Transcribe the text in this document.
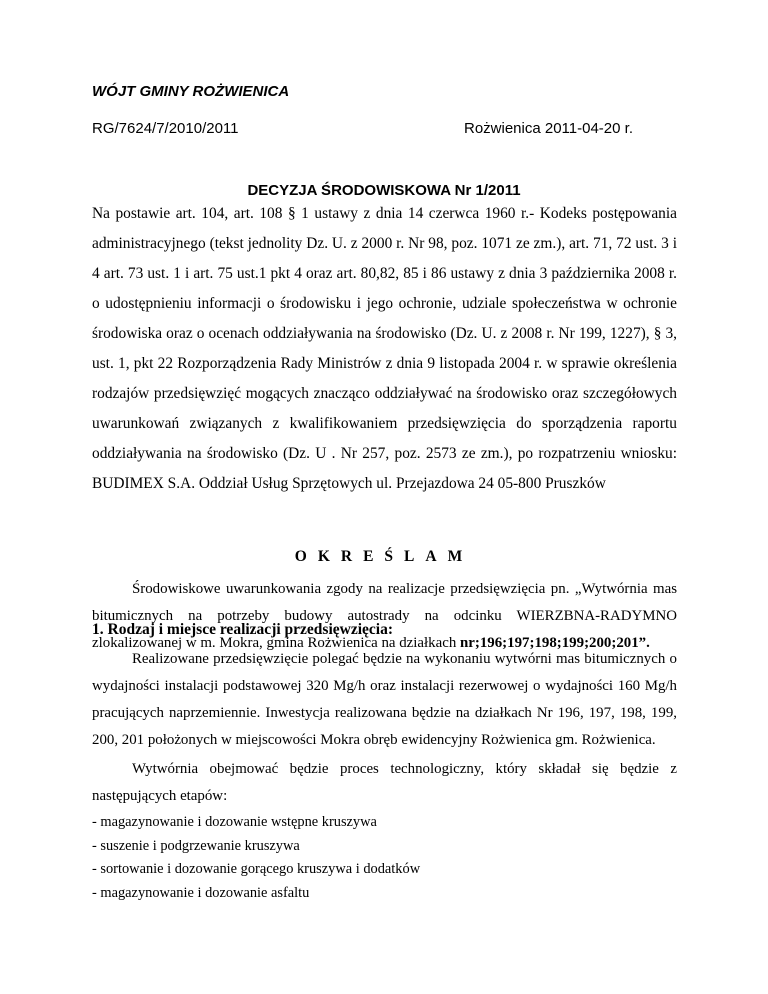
WÓJT GMINY ROŻWIENICA
RG/7624/7/2010/2011	Rożwienica 2011-04-20 r.
DECYZJA ŚRODOWISKOWA Nr 1/2011
Na postawie art. 104, art. 108 § 1 ustawy z dnia 14 czerwca 1960 r.- Kodeks postępowania administracyjnego (tekst jednolity Dz. U. z 2000 r. Nr 98, poz. 1071 ze zm.), art. 71, 72 ust. 3 i 4 art. 73 ust. 1 i art. 75 ust.1 pkt 4 oraz art. 80,82, 85 i 86 ustawy z dnia 3 października 2008 r. o udostępnieniu informacji o środowisku i jego ochronie, udziale społeczeństwa w ochronie środowiska oraz o ocenach oddziaływania na środowisko (Dz. U. z 2008 r. Nr 199, 1227), § 3, ust. 1, pkt 22 Rozporządzenia Rady Ministrów z dnia 9 listopada 2004 r. w sprawie określenia rodzajów przedsięwzięć mogących znacząco oddziaływać na środowisko oraz szczegółowych uwarunkowań związanych z kwalifikowaniem przedsięwzięcia do sporządzenia raportu oddziaływania na środowisko (Dz. U . Nr 257, poz. 2573 ze zm.), po rozpatrzeniu wniosku: BUDIMEX S.A. Oddział Usług Sprzętowych ul. Przejazdowa 24 05-800 Pruszków
OKREŚLAM
Środowiskowe uwarunkowania zgody na realizacje przedsięwzięcia pn. „Wytwórnia mas bitumicznych na potrzeby budowy autostrady na odcinku WIERZBNA-RADYMNO zlokalizowanej w m. Mokra, gmina Rożwienica na działkach nr;196;197;198;199;200;201”.
1. Rodzaj i miejsce realizacji przedsięwzięcia:
Realizowane przedsięwzięcie polegać będzie na wykonaniu wytwórni mas bitumicznych o wydajności instalacji podstawowej 320 Mg/h oraz instalacji rezerwowej o wydajności 160 Mg/h pracujących naprzemiennie. Inwestycja realizowana będzie na działkach Nr 196, 197, 198, 199, 200, 201 położonych w miejscowości Mokra obręb ewidencyjny Rożwienica gm. Rożwienica.
Wytwórnia obejmować będzie proces technologiczny, który składał się będzie z następujących etapów:
- magazynowanie i dozowanie wstępne kruszywa
- suszenie i podgrzewanie kruszywa
- sortowanie i dozowanie gorącego kruszywa i dodatków
- magazynowanie i dozowanie asfaltu
